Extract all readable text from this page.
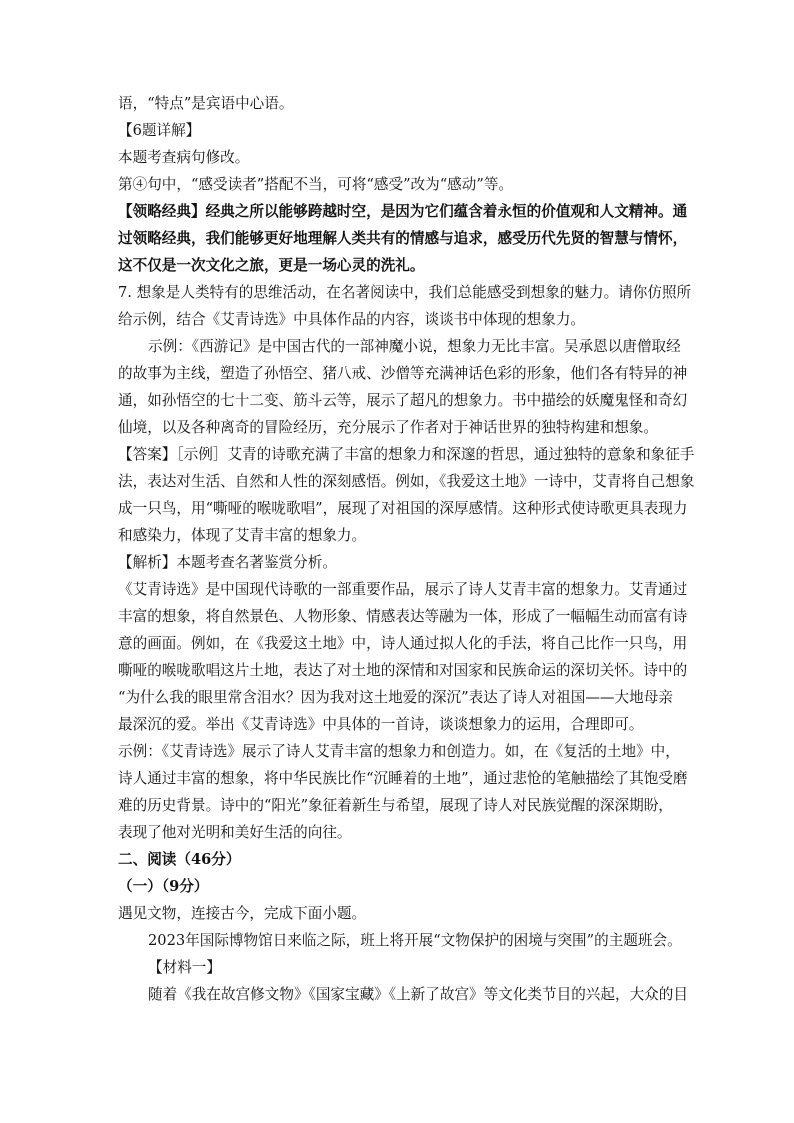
语，“特点”是宾语中心语。
【6题详解】
本题考查病句修改。
第④句中，“感受读者”搭配不当，可将“感受”改为“感动”等。
【领略经典】经典之所以能够跨越时空，是因为它们蕴含着永恒的价值观和人文精神。通
过领略经典，我们能够更好地理解人类共有的情感与追求，感受历代先贤的智慧与情怀，
这不仅是一次文化之旅，更是一场心灵的洗礼。
7. 想象是人类特有的思维活动，在名著阅读中，我们总能感受到想象的魅力。请你仿照所
给示例，结合《艾青诗选》中具体作品的内容，谈谈书中体现的想象力。
示例：《西游记》是中国古代的一部神魔小说，想象力无比丰富。吴承恩以唐僧取经
的故事为主线，塑造了孙悟空、猪八戒、沙僧等充满神话色彩的形象，他们各有特异的神
通，如孙悟空的七十二变、筋斗云等，展示了超凡的想象力。书中描绘的妖魔鬼怪和奇幻
仙境，以及各种离奇的冒险经历，充分展示了作者对于神话世界的独特构建和想象。
【答案】［示例］艾青的诗歌充满了丰富的想象力和深邃的哲思，通过独特的意象和象征手
法，表达对生活、自然和人性的深刻感悟。例如，《我爱这土地》一诗中，艾青将自己想象
成一只鸟，用“嘶哑的喉咙歌唱”，展现了对祖国的深厚感情。这种形式使诗歌更具表现力
和感染力，体现了艾青丰富的想象力。
【解析】本题考查名著鉴赏分析。
《艾青诗选》是中国现代诗歌的一部重要作品，展示了诗人艾青丰富的想象力。艾青通过
丰富的想象，将自然景色、人物形象、情感表达等融为一体，形成了一幅幅生动而富有诗
意的画面。例如，在《我爱这土地》中，诗人通过拟人化的手法，将自己比作一只鸟，用
嘶哑的喉咙歌唱这片土地，表达了对土地的深情和对国家和民族命运的深切关怀。诗中的
“为什么我的眼里常含泪水？因为我对这土地爱的深沉”表达了诗人对祖国——大地母亲
最深沉的爱。举出《艾青诗选》中具体的一首诗，谈谈想象力的运用，合理即可。
示例：《艾青诗选》展示了诗人艾青丰富的想象力和创造力。如，在《复活的土地》中，
诗人通过丰富的想象，将中华民族比作“沉睡着的土地”，通过悲怆的笔触描绘了其饱受磨
难的历史背景。诗中的“阳光”象征着新生与希望，展现了诗人对民族觉醒的深深期盼，
表现了他对光明和美好生活的向往。
二、阅读（46分）
（一）（9分）
遇见文物，连接古今，完成下面小题。
2023年国际博物馆日来临之际，班上将开展“文物保护的困境与突围”的主题班会。
【材料一】
随着《我在故宫修文物》《国家宝藏》《上新了故宫》等文化类节目的兴起，大众的目
